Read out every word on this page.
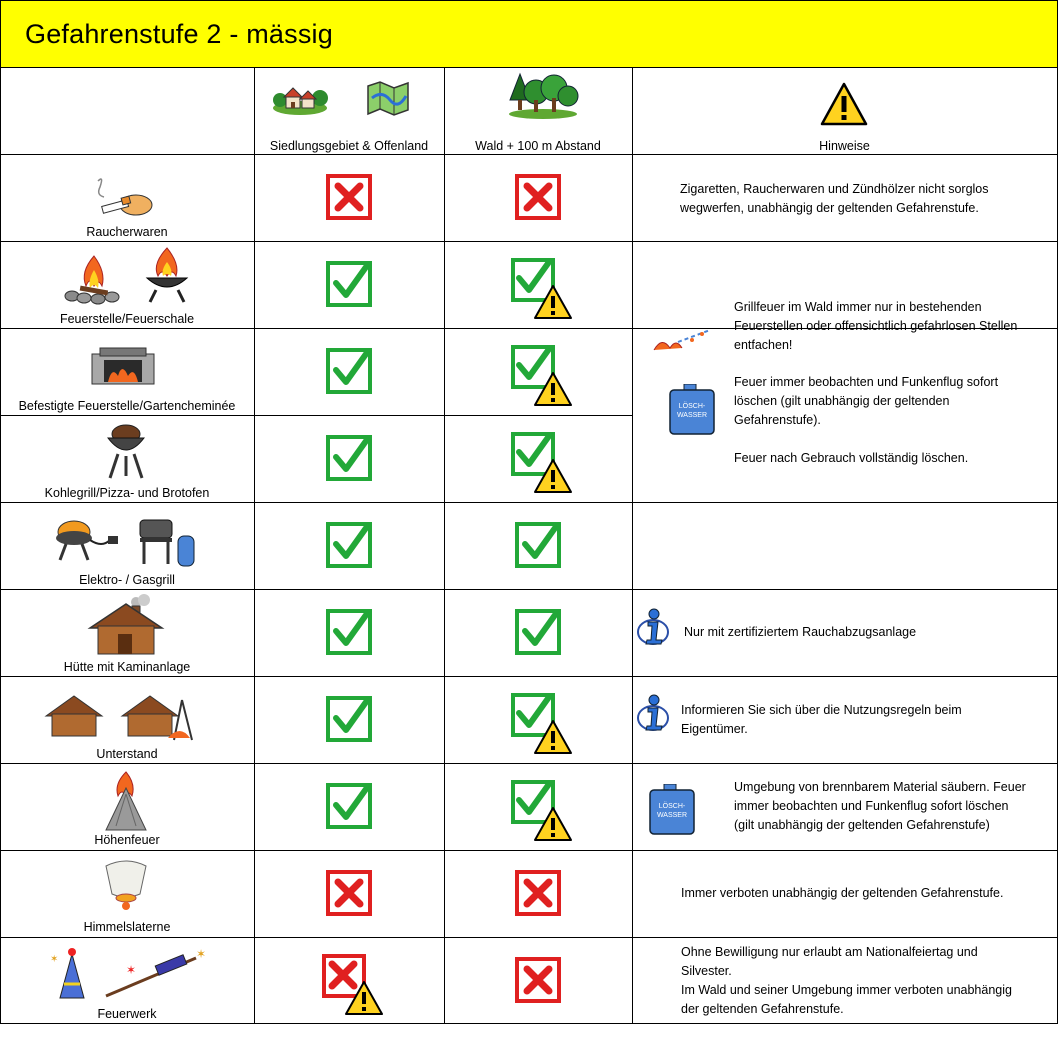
Gefahrenstufe 2 - mässig
Siedlungsgebiet & Offenland	Wald + 100 m Abstand	Hinweise
Raucherwaren
Feuerstelle/Feuerschale
Befestigte Feuerstelle/Gartencheminée
Kohlegrill/Pizza- und Brotofen
Elektro- / Gasgrill
Hütte mit Kaminanlage
Unterstand
Höhenfeuer
Himmelslaterne
✶
✶
✶
Feuerwerk
Zigaretten, Raucherwaren und Zündhölzer nicht sorglos
wegwerfen, unabhängig der geltenden Gefahrenstufe.
Grillfeuer im Wald immer nur in bestehenden
Feuerstellen oder offensichtlich gefahrlosen Stellen
entfachen!
LÖSCH-
WASSER
Feuer immer beobachten und Funkenflug sofort
löschen (gilt unabhängig der geltenden
Gefahrenstufe).
Feuer nach Gebrauch vollständig löschen.
Nur mit zertifiziertem Rauchabzugsanlage
Informieren Sie sich über die Nutzungsregeln beim
Eigentümer.
LÖSCH-
WASSER
Umgebung von brennbarem Material säubern. Feuer
immer beobachten und Funkenflug sofort löschen
(gilt unabhängig der geltenden Gefahrenstufe)
Immer verboten unabhängig der geltenden Gefahrenstufe.
Ohne Bewilligung nur erlaubt am Nationalfeiertag und
Silvester.
Im Wald und seiner Umgebung immer verboten unabhängig
der geltenden Gefahrenstufe.
